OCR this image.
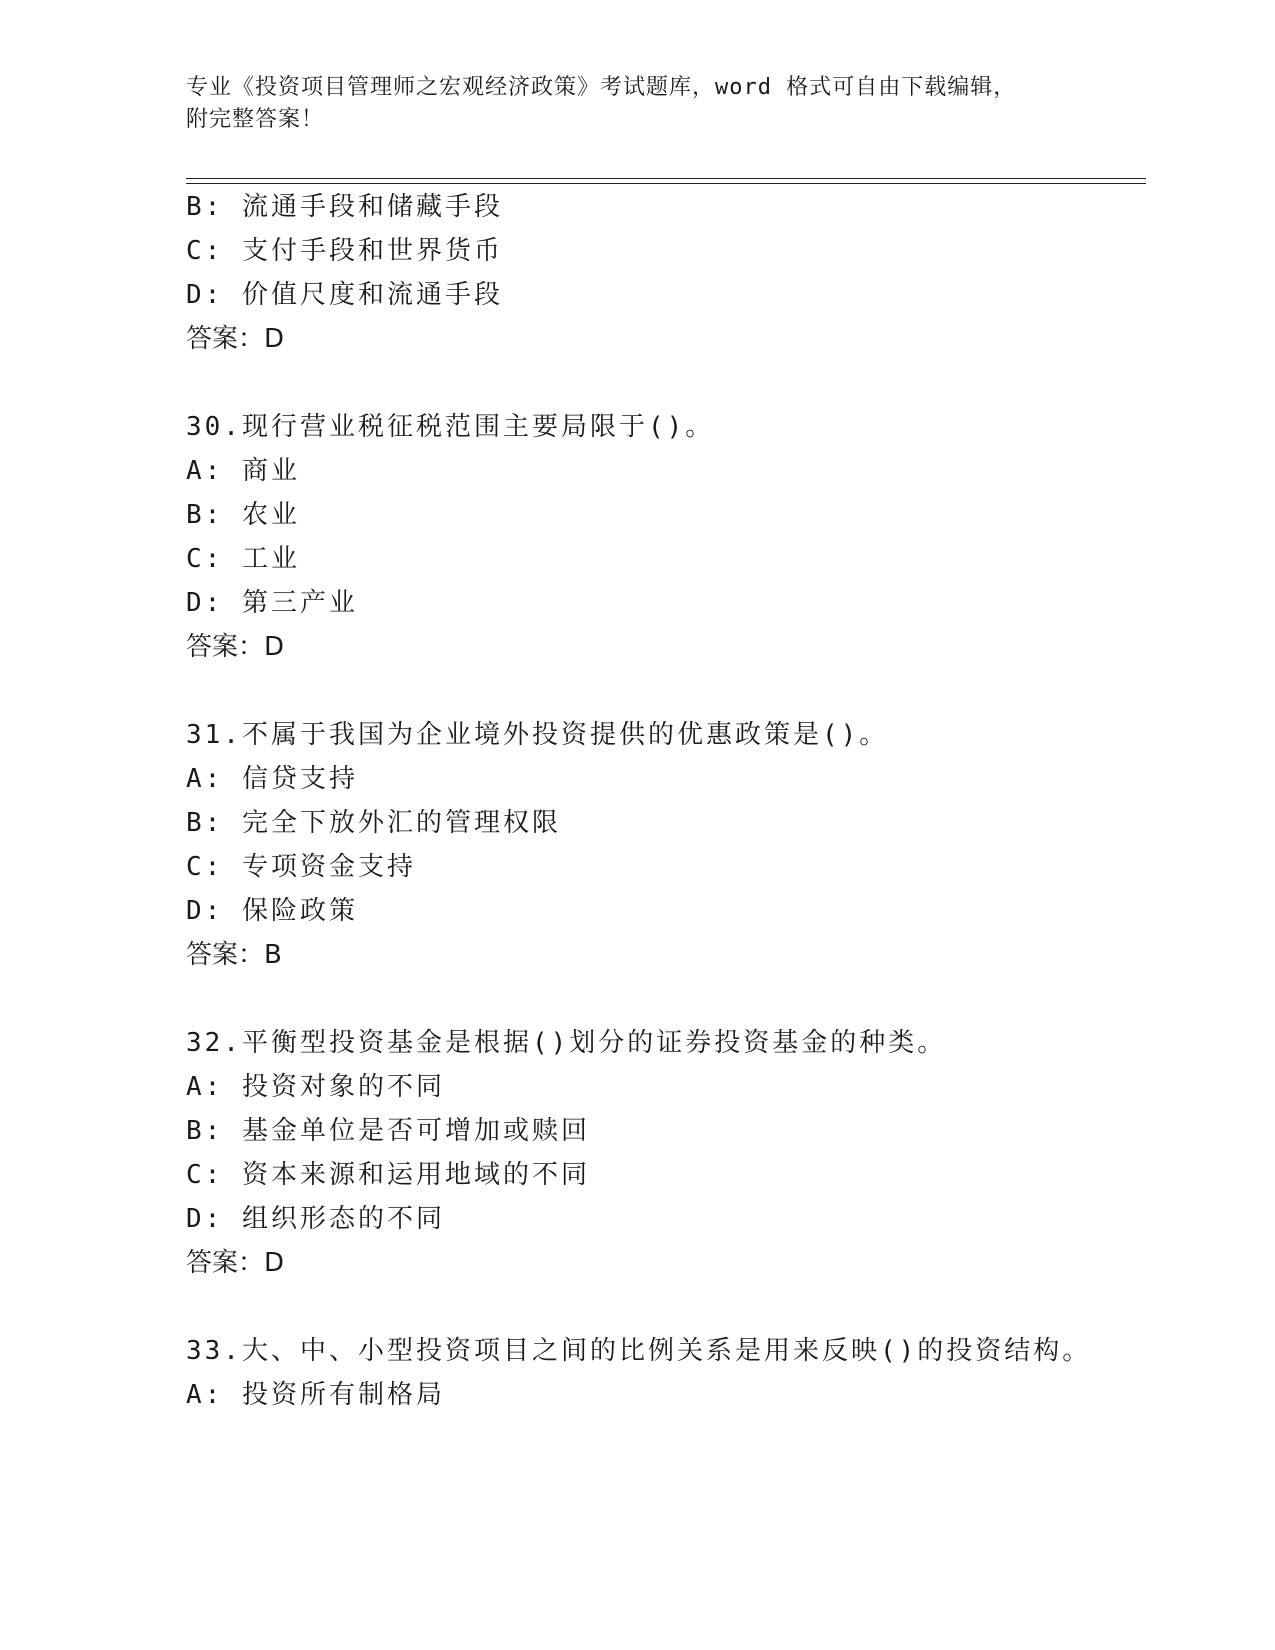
专业《投资项目管理师之宏观经济政策》考试题库，word 格式可自由下载编辑，
附完整答案！
B: 流通手段和储藏手段
C: 支付手段和世界货币
D: 价值尺度和流通手段
答案：D
30.现行营业税征税范围主要局限于()。
A: 商业
B: 农业
C: 工业
D: 第三产业
答案：D
31.不属于我国为企业境外投资提供的优惠政策是()。
A: 信贷支持
B: 完全下放外汇的管理权限
C: 专项资金支持
D: 保险政策
答案：B
32.平衡型投资基金是根据()划分的证券投资基金的种类。
A: 投资对象的不同
B: 基金单位是否可增加或赎回
C: 资本来源和运用地域的不同
D: 组织形态的不同
答案：D
33.大、中、小型投资项目之间的比例关系是用来反映()的投资结构。
A: 投资所有制格局
